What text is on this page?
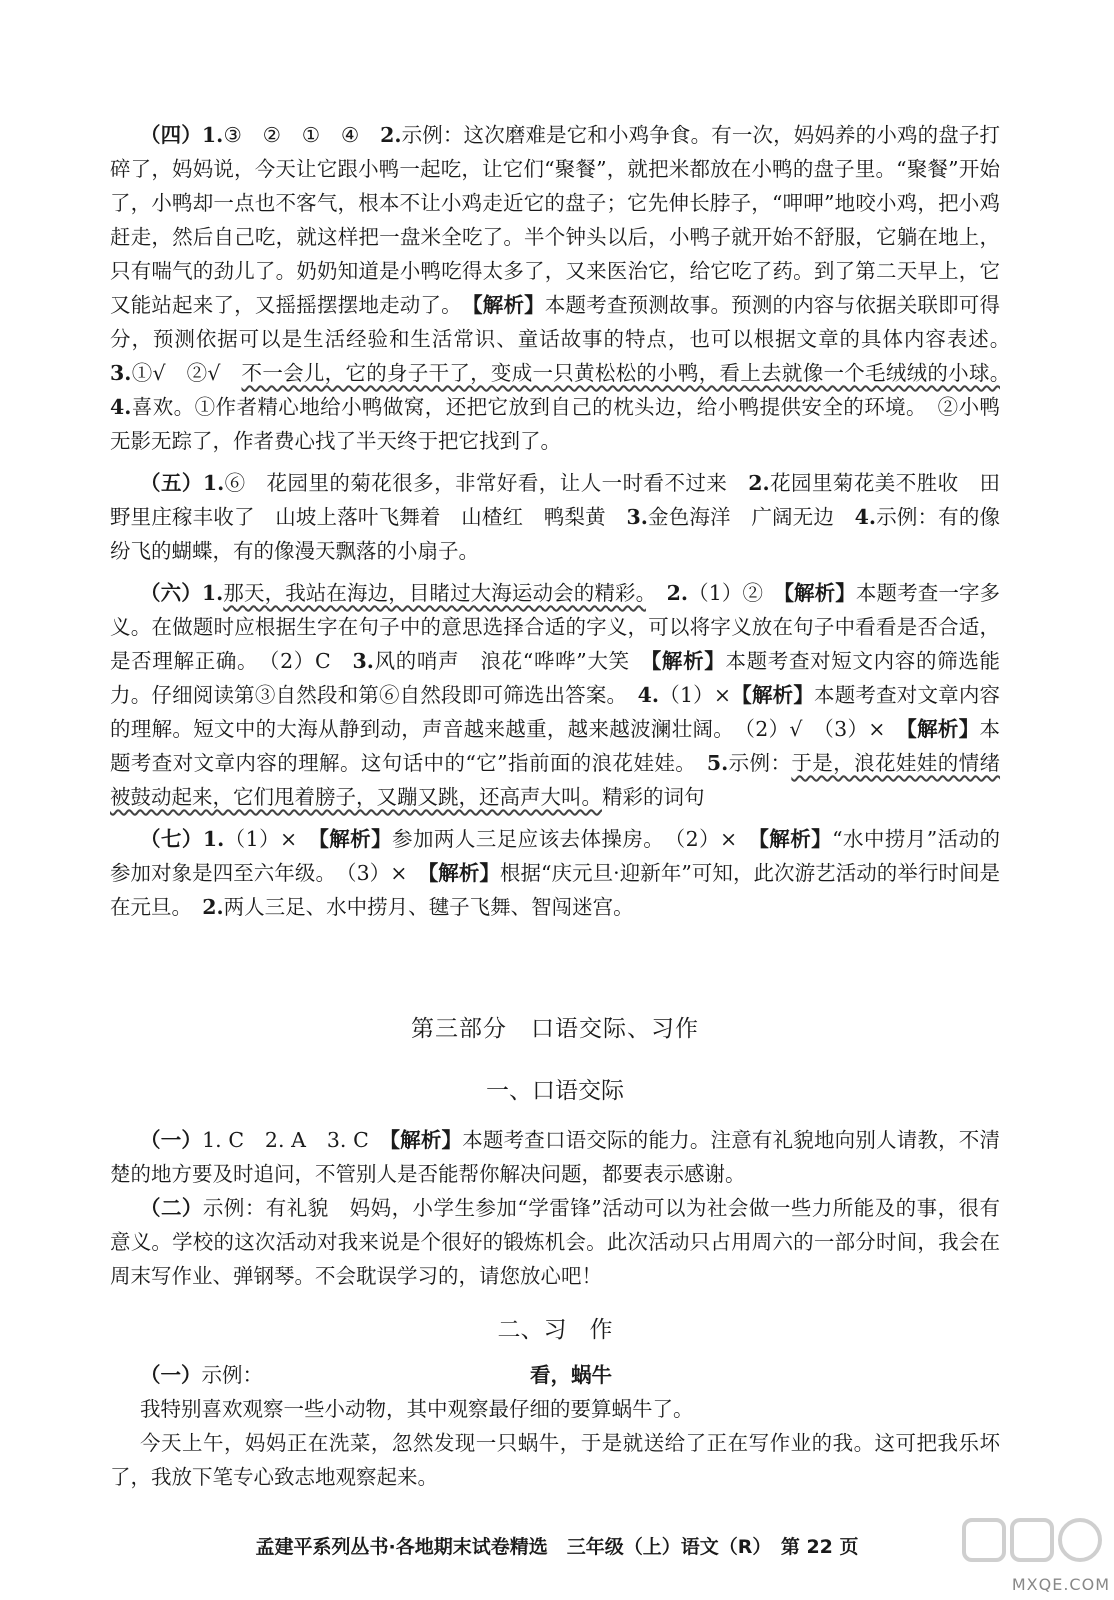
（四）1.③　②　①　④　 2.示例：这次磨难是它和小鸡争食。有一次，妈妈养的小鸡的盘子打碎了，妈妈说，今天让它跟小鸭一起吃，让它们“聚餐”，就把米都放在小鸭的盘子里。“聚餐”开始了，小鸭却一点也不客气，根本不让小鸡走近它的盘子；它先伸长脖子，“呷呷”地咬小鸡，把小鸡赶走，然后自己吃，就这样把一盘米全吃了。半个钟头以后，小鸭子就开始不舒服，它躺在地上，只有喘气的劲儿了。奶奶知道是小鸭吃得太多了，又来医治它，给它吃了药。到了第二天早上，它又能站起来了，又摇摇摆摆地走动了。　 【解析】本题考查预测故事。预测的内容与依据关联即可得分，预测依据可以是生活经验和生活常识、童话故事的特点，也可以根据文章的具体内容表述。　3.①√　②√　不一会儿，它的身子干了，变成一只黄松松的小鸭，看上去就像一个毛绒绒的小球。　4.喜欢。①作者精心地给小鸭做窝，还把它放到自己的枕头边，给小鸭提供安全的环境。　②小鸭无影无踪了，作者费心找了半天终于把它找到了。

（五）1.⑥　花园里的菊花很多，非常好看，让人一时看不过来　2.花园里菊花美不胜收　田野里庄稼丰收了　山坡上落叶飞舞着　山楂红　鸭梨黄　3.金色海洋　广阔无边　4.示例：有的像纷飞的蝴蝶，有的像漫天飘落的小扇子。

（六）1.那天，我站在海边，目睹过大海运动会的精彩。　 2.（1）②　【解析】本题考查一字多义。在做题时应根据生字在句子中的意思选择合适的字义，可以将字义放在句子中看看是否合适，是否理解正确。　（2）C　3.风的哨声　浪花“哗哗”大笑　【解析】本题考查对短文内容的筛选能力。仔细阅读第③自然段和第⑥自然段即可筛选出答案。　 4.（1）×【解析】本题考查对文章内容的理解。短文中的大海从静到动，声音越来越重，越来越波澜壮阔。　（2）√　（3）×　【解析】本题考查对文章内容的理解。这句话中的“它”指前面的浪花娃娃。　 5.示例：于是，浪花娃娃的情绪被鼓动起来，它们甩着膀子，又蹦又跳，还高声大叫。精彩的词句

（七）1.（1）×　【解析】参加两人三足应该去体操房。　（2）×　【解析】“水中捞月”活动的参加对象是四至六年级。　（3）×　【解析】根据“庆元旦·迎新年”可知，此次游艺活动的举行时间是在元旦。　 2.两人三足、水中捞月、毽子飞舞、智闯迷宫。

第三部分　口语交际、习作
一、口语交际

（一）1. C　2. A　3. C　【解析】本题考查口语交际的能力。注意有礼貌地向别人请教，不清楚的地方要及时追问，不管别人是否能帮你解决问题，都要表示感谢。

（二）示例：有礼貌　妈妈，小学生参加“学雷锋”活动可以为社会做一些力所能及的事，很有意义。学校的这次活动对我来说是个很好的锻炼机会。此次活动只占用周六的一部分时间，我会在周末写作业、弹钢琴。不会耽误学习的，请您放心吧！

二、习　作

（一）示例：	看，蜗牛

我特别喜欢观察一些小动物，其中观察最仔细的要算蜗牛了。

今天上午，妈妈正在洗菜，忽然发现一只蜗牛，于是就送给了正在写作业的我。这可把我乐坏了，我放下笔专心致志地观察起来。

孟建平系列丛书·各地期末试卷精选　三年级（上）语文（R）　第 22 页
MXQE.COM
